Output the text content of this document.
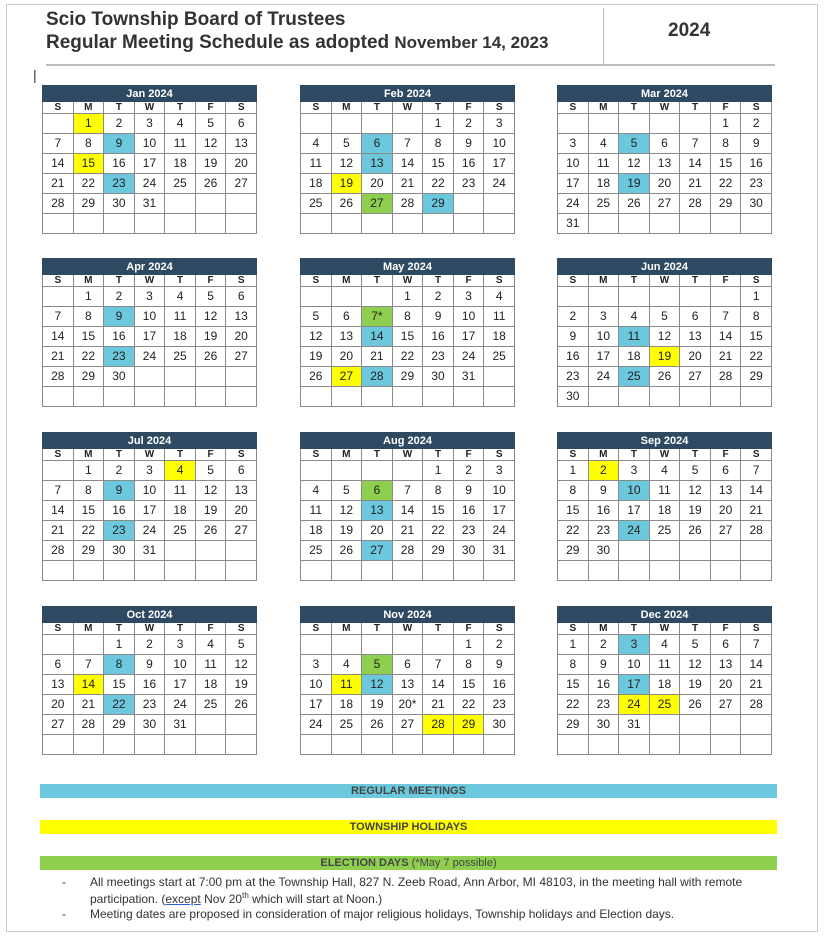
Scio Township Board of Trustees
Regular Meeting Schedule as adopted November 14, 2023
2024
|
Jan 2024
S	M	T	W	T	F	S
	1	2	3	4	5	6
7	8	9	10	11	12	13
14	15	16	17	18	19	20
21	22	23	24	25	26	27
28	29	30	31			

Feb 2024
S	M	T	W	T	F	S
				1	2	3
4	5	6	7	8	9	10
11	12	13	14	15	16	17
18	19	20	21	22	23	24
25	26	27	28	29		

Mar 2024
S	M	T	W	T	F	S
					1	2
3	4	5	6	7	8	9
10	11	12	13	14	15	16
17	18	19	20	21	22	23
24	25	26	27	28	29	30
31						
Apr 2024
S	M	T	W	T	F	S
	1	2	3	4	5	6
7	8	9	10	11	12	13
14	15	16	17	18	19	20
21	22	23	24	25	26	27
28	29	30				

May 2024
S	M	T	W	T	F	S
			1	2	3	4
5	6	7*	8	9	10	11
12	13	14	15	16	17	18
19	20	21	22	23	24	25
26	27	28	29	30	31	

Jun 2024
S	M	T	W	T	F	S
						1
2	3	4	5	6	7	8
9	10	11	12	13	14	15
16	17	18	19	20	21	22
23	24	25	26	27	28	29
30						
Jul 2024
S	M	T	W	T	F	S
	1	2	3	4	5	6
7	8	9	10	11	12	13
14	15	16	17	18	19	20
21	22	23	24	25	26	27
28	29	30	31			

Aug 2024
S	M	T	W	T	F	S
				1	2	3
4	5	6	7	8	9	10
11	12	13	14	15	16	17
18	19	20	21	22	23	24
25	26	27	28	29	30	31

Sep 2024
S	M	T	W	T	F	S
1	2	3	4	5	6	7
8	9	10	11	12	13	14
15	16	17	18	19	20	21
22	23	24	25	26	27	28
29	30					

Oct 2024
S	M	T	W	T	F	S
		1	2	3	4	5
6	7	8	9	10	11	12
13	14	15	16	17	18	19
20	21	22	23	24	25	26
27	28	29	30	31		

Nov 2024
S	M	T	W	T	F	S
					1	2
3	4	5	6	7	8	9
10	11	12	13	14	15	16
17	18	19	20*	21	22	23
24	25	26	27	28	29	30

Dec 2024
S	M	T	W	T	F	S
1	2	3	4	5	6	7
8	9	10	11	12	13	14
15	16	17	18	19	20	21
22	23	24	25	26	27	28
29	30	31				

REGULAR MEETINGS
TOWNSHIP HOLIDAYS
ELECTION DAYS (*May 7 possible)
- All meetings start at 7:00 pm at the Township Hall, 827 N. Zeeb Road, Ann Arbor, MI 48103, in the meeting hall with remote participation. (except Nov 20th which will start at Noon.)
- Meeting dates are proposed in consideration of major religious holidays, Township holidays and Election days.
